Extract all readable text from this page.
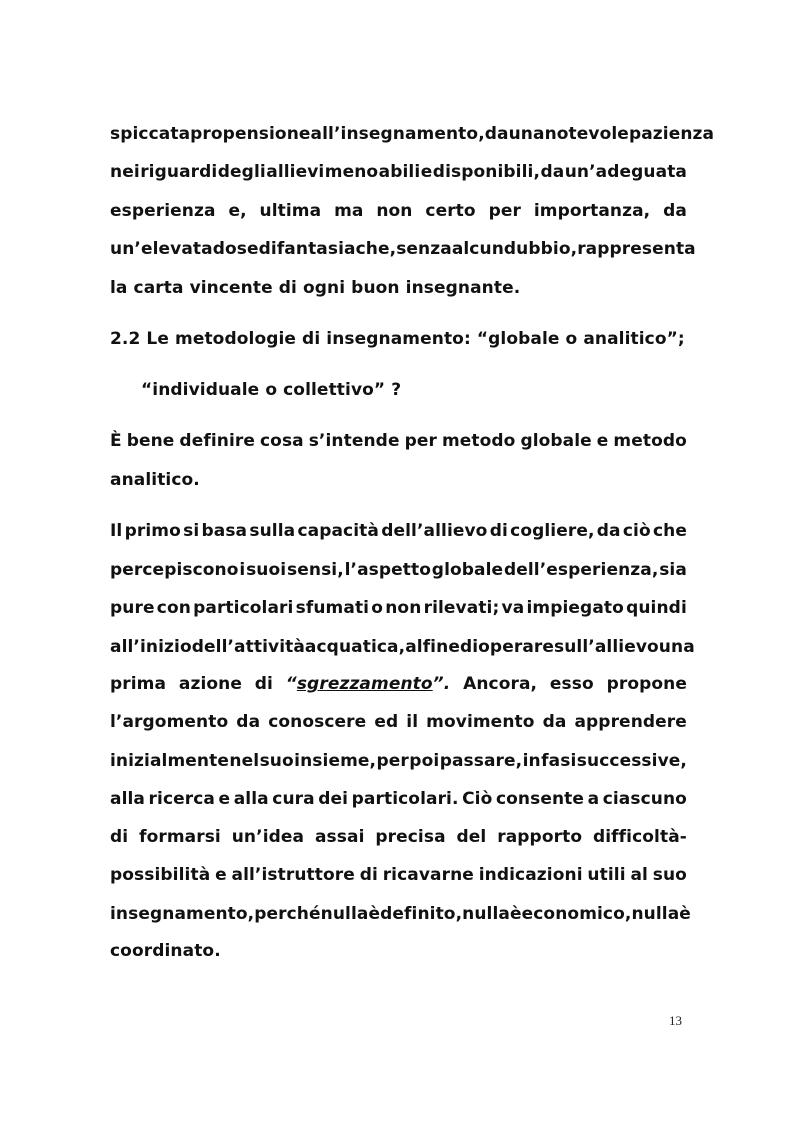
spiccata propensione all’insegnamento, da una notevole pazienza
nei riguardi degli allievi meno abili e disponibili, da un’adeguata
esperienza e, ultima ma non certo per importanza, da
un’elevata dose di fantasia che, senza alcun dubbio, rappresenta
la carta vincente di ogni buon insegnante.
2.2 Le metodologie di insegnamento: “globale o analitico”;
“individuale o collettivo” ?
È bene definire cosa s’intende per metodo globale e metodo
analitico.
Il primo si basa sulla capacità dell’allievo di cogliere, da ciò che
percepiscono i suoi sensi, l’aspetto globale dell’esperienza, sia
pure con particolari sfumati o non rilevati; va impiegato quindi
all’inizio dell’attività acquatica, al fine di operare sull’allievo una
prima azione di “sgrezzamento”. Ancora, esso propone
l’argomento da conoscere ed il movimento da apprendere
inizialmente nel suo insieme, per poi passare, in fasi successive,
alla ricerca e alla cura dei particolari. Ciò consente a ciascuno
di formarsi un’idea assai precisa del rapporto difficoltà-
possibilità e all’istruttore di ricavarne indicazioni utili al suo
insegnamento, perché nulla è definito, nulla è economico, nulla è
coordinato.
13
